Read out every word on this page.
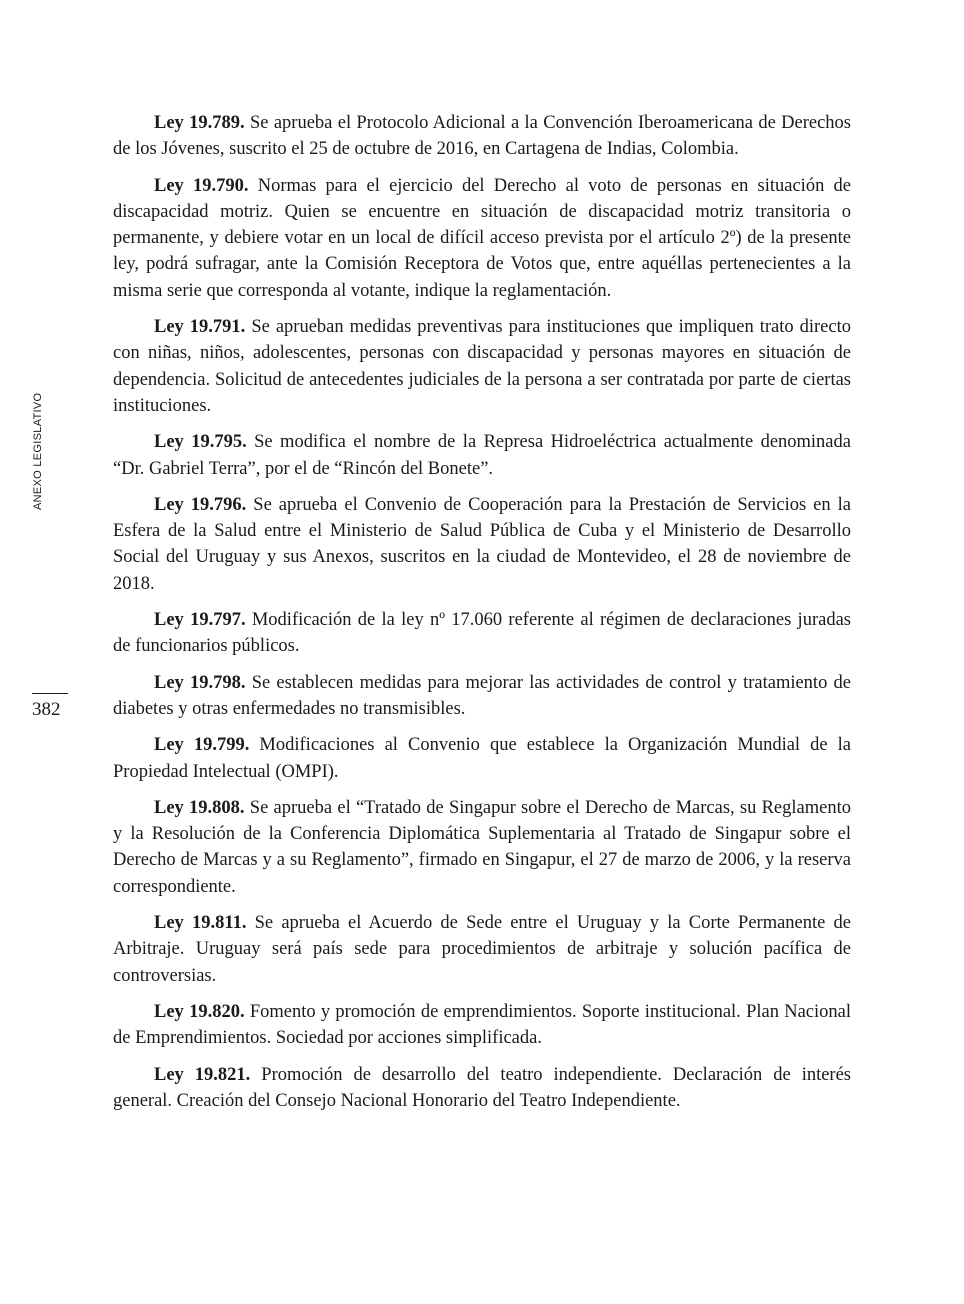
ANEXO LEGISLATIVO
382

Ley 19.789. Se aprueba el Protocolo Adicional a la Convención Iberoamericana de Derechos de los Jóvenes, suscrito el 25 de octubre de 2016, en Cartagena de Indias, Colombia.

Ley 19.790. Normas para el ejercicio del Derecho al voto de personas en situación de discapacidad motriz. Quien se encuentre en situación de discapacidad motriz transitoria o permanente, y debiere votar en un local de difícil acceso prevista por el artículo 2º) de la presente ley, podrá sufragar, ante la Comisión Receptora de Votos que, entre aquéllas pertenecientes a la misma serie que corresponda al votante, indique la reglamentación.

Ley 19.791. Se aprueban medidas preventivas para instituciones que impliquen trato directo con niñas, niños, adolescentes, personas con discapacidad y personas mayores en situación de dependencia. Solicitud de antecedentes judiciales de la persona a ser contratada por parte de ciertas instituciones.

Ley 19.795. Se modifica el nombre de la Represa Hidroeléctrica actualmente denominada “Dr. Gabriel Terra”, por el de “Rincón del Bonete”.

Ley 19.796. Se aprueba el Convenio de Cooperación para la Prestación de Servicios en la Esfera de la Salud entre el Ministerio de Salud Pública de Cuba y el Ministerio de Desarrollo Social del Uruguay y sus Anexos, suscritos en la ciudad de Montevideo, el 28 de noviembre de 2018.

Ley 19.797. Modificación de la ley nº 17.060 referente al régimen de declaraciones juradas de funcionarios públicos.

Ley 19.798. Se establecen medidas para mejorar las actividades de control y tratamiento de diabetes y otras enfermedades no transmisibles.

Ley 19.799. Modificaciones al Convenio que establece la Organización Mundial de la Propiedad Intelectual (OMPI).

Ley 19.808. Se aprueba el “Tratado de Singapur sobre el Derecho de Marcas, su Reglamento y la Resolución de la Conferencia Diplomática Suplementaria al Tratado de Singapur sobre el Derecho de Marcas y a su Reglamento”, firmado en Singapur, el 27 de marzo de 2006, y la reserva correspondiente.

Ley 19.811. Se aprueba el Acuerdo de Sede entre el Uruguay y la Corte Permanente de Arbitraje. Uruguay será país sede para procedimientos de arbitraje y solución pacífica de controversias.

Ley 19.820. Fomento y promoción de emprendimientos. Soporte institucional. Plan Nacional de Emprendimientos. Sociedad por acciones simplificada.

Ley 19.821. Promoción de desarrollo del teatro independiente. Declaración de interés general. Creación del Consejo Nacional Honorario del Teatro Independiente.
